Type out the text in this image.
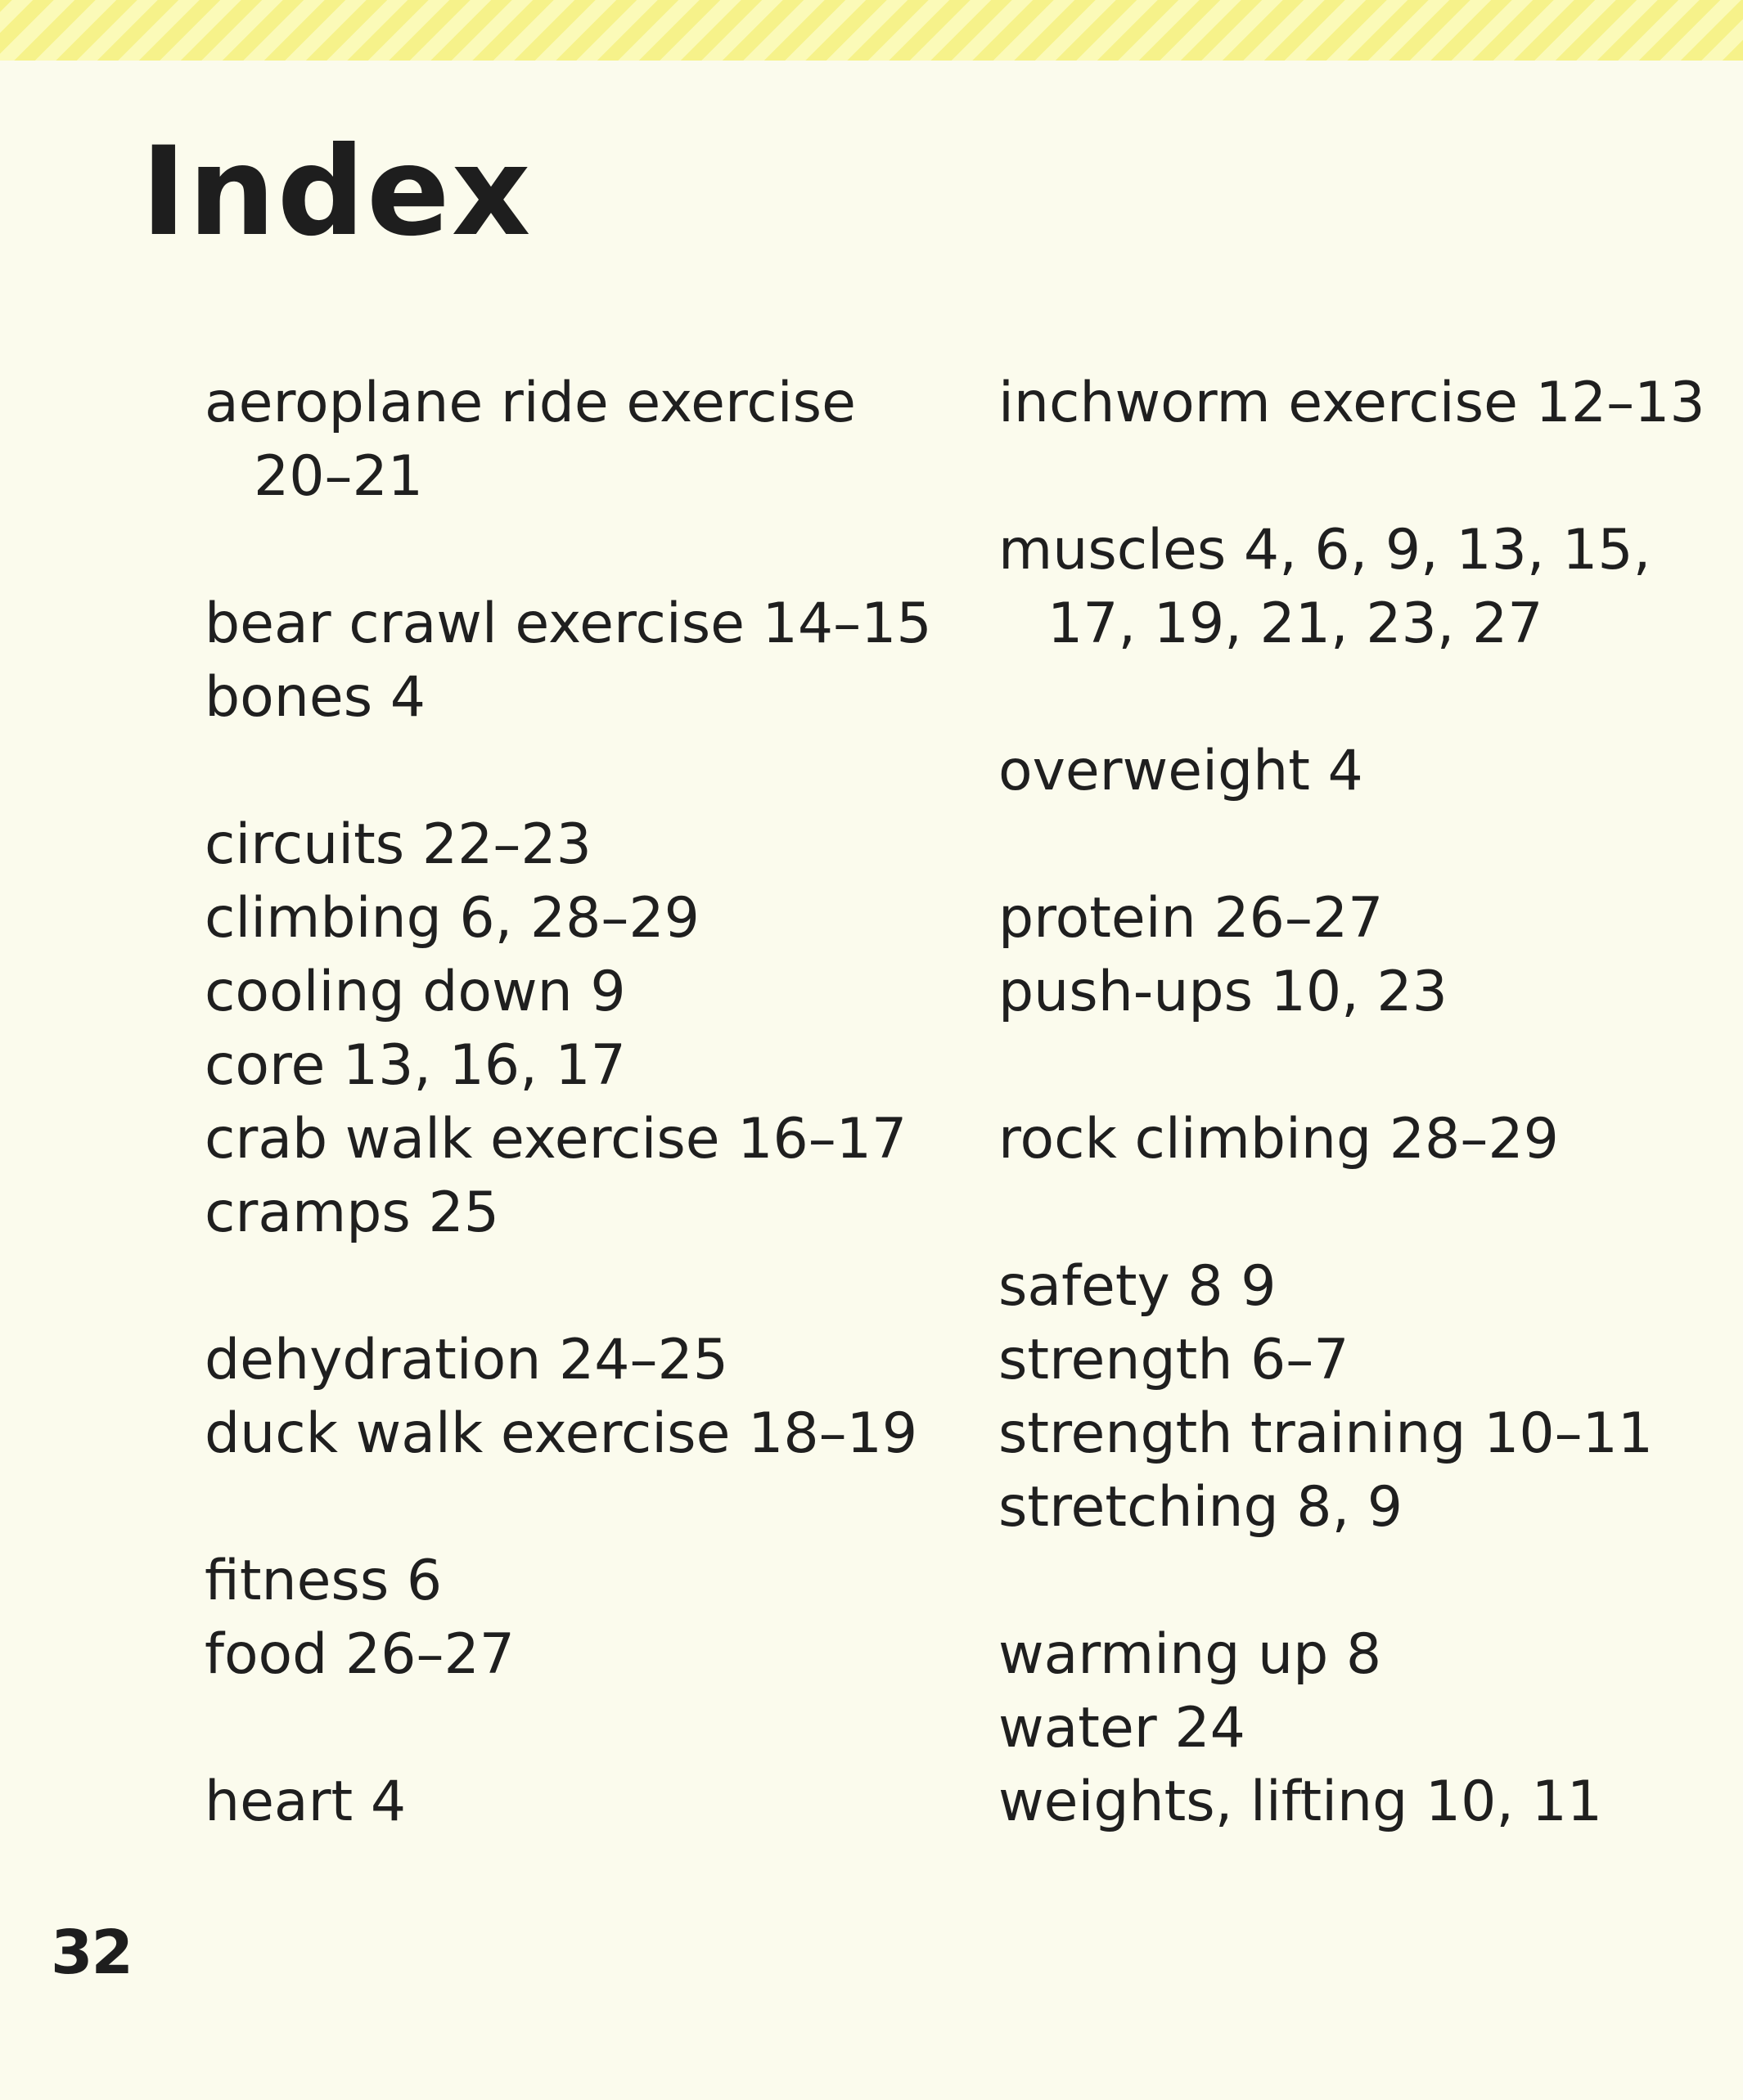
Index
aeroplane ride exercise 20–21
bear crawl exercise 14–15
bones 4
circuits 22–23
climbing 6, 28–29
cooling down 9
core 13, 16, 17
crab walk exercise 16–17
cramps 25
dehydration 24–25
duck walk exercise 18–19
fitness 6
food 26–27
heart 4
inchworm exercise 12–13
muscles 4, 6, 9, 13, 15, 17, 19, 21, 23, 27
overweight 4
protein 26–27
push-ups 10, 23
rock climbing 28–29
safety 8 9
strength 6–7
strength training 10–11
stretching 8, 9
warming up 8
water 24
weights, lifting 10, 11
32
